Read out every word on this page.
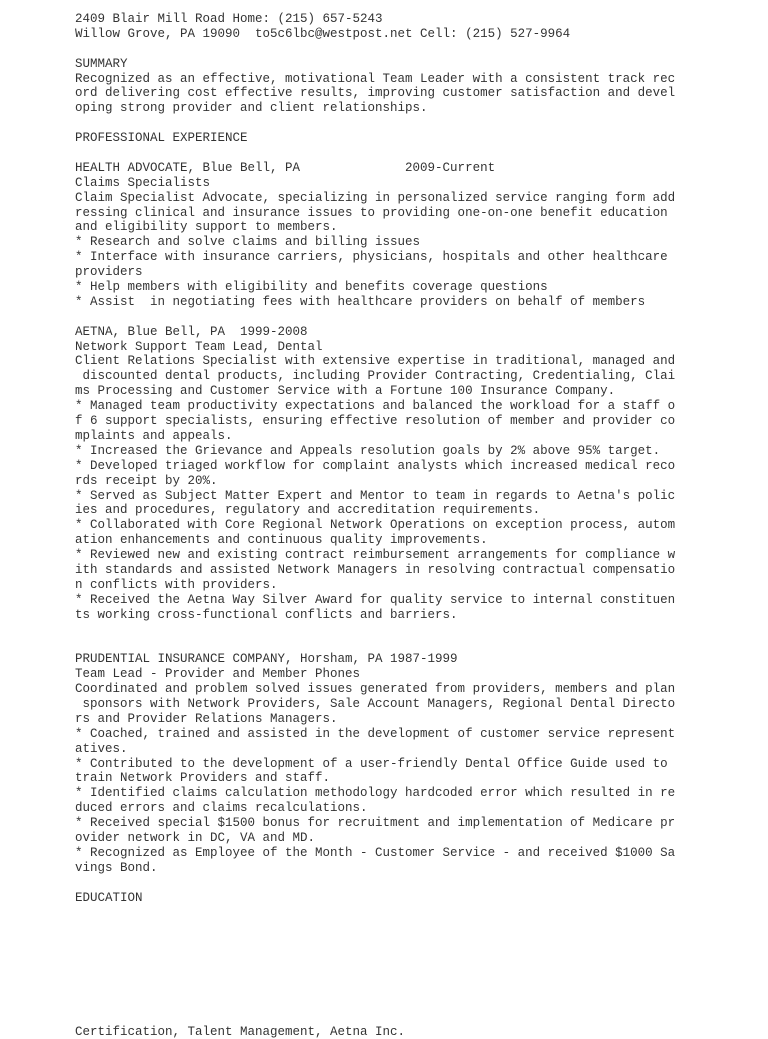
2409 Blair Mill Road Home: (215) 657-5243
Willow Grove, PA 19090  to5c6lbc@westpost.net Cell: (215) 527-9964
SUMMARY
Recognized as an effective, motivational Team Leader with a consistent track rec
ord delivering cost effective results, improving customer satisfaction and devel
oping strong provider and client relationships.
PROFESSIONAL EXPERIENCE
HEALTH ADVOCATE, Blue Bell, PA              2009-Current
Claims Specialists
Claim Specialist Advocate, specializing in personalized service ranging form add
ressing clinical and insurance issues to providing one-on-one benefit education
and eligibility support to members.
* Research and solve claims and billing issues
* Interface with insurance carriers, physicians, hospitals and other healthcare
providers
* Help members with eligibility and benefits coverage questions
* Assist  in negotiating fees with healthcare providers on behalf of members
AETNA, Blue Bell, PA  1999-2008
Network Support Team Lead, Dental
Client Relations Specialist with extensive expertise in traditional, managed and
discounted dental products, including Provider Contracting, Credentialing, Clai
ms Processing and Customer Service with a Fortune 100 Insurance Company.
* Managed team productivity expectations and balanced the workload for a staff o
f 6 support specialists, ensuring effective resolution of member and provider co
mplaints and appeals.
* Increased the Grievance and Appeals resolution goals by 2% above 95% target.
* Developed triaged workflow for complaint analysts which increased medical reco
rds receipt by 20%.
* Served as Subject Matter Expert and Mentor to team in regards to Aetna's polic
ies and procedures, regulatory and accreditation requirements.
* Collaborated with Core Regional Network Operations on exception process, autom
ation enhancements and continuous quality improvements.
* Reviewed new and existing contract reimbursement arrangements for compliance w
ith standards and assisted Network Managers in resolving contractual compensatio
n conflicts with providers.
* Received the Aetna Way Silver Award for quality service to internal constituen
ts working cross-functional conflicts and barriers.
PRUDENTIAL INSURANCE COMPANY, Horsham, PA 1987-1999
Team Lead - Provider and Member Phones
Coordinated and problem solved issues generated from providers, members and plan
sponsors with Network Providers, Sale Account Managers, Regional Dental Directo
rs and Provider Relations Managers.
* Coached, trained and assisted in the development of customer service represent
atives.
* Contributed to the development of a user-friendly Dental Office Guide used to
train Network Providers and staff.
* Identified claims calculation methodology hardcoded error which resulted in re
duced errors and claims recalculations.
* Received special $1500 bonus for recruitment and implementation of Medicare pr
ovider network in DC, VA and MD.
* Recognized as Employee of the Month - Customer Service - and received $1000 Sa
vings Bond.
EDUCATION
Certification, Talent Management, Aetna Inc.
